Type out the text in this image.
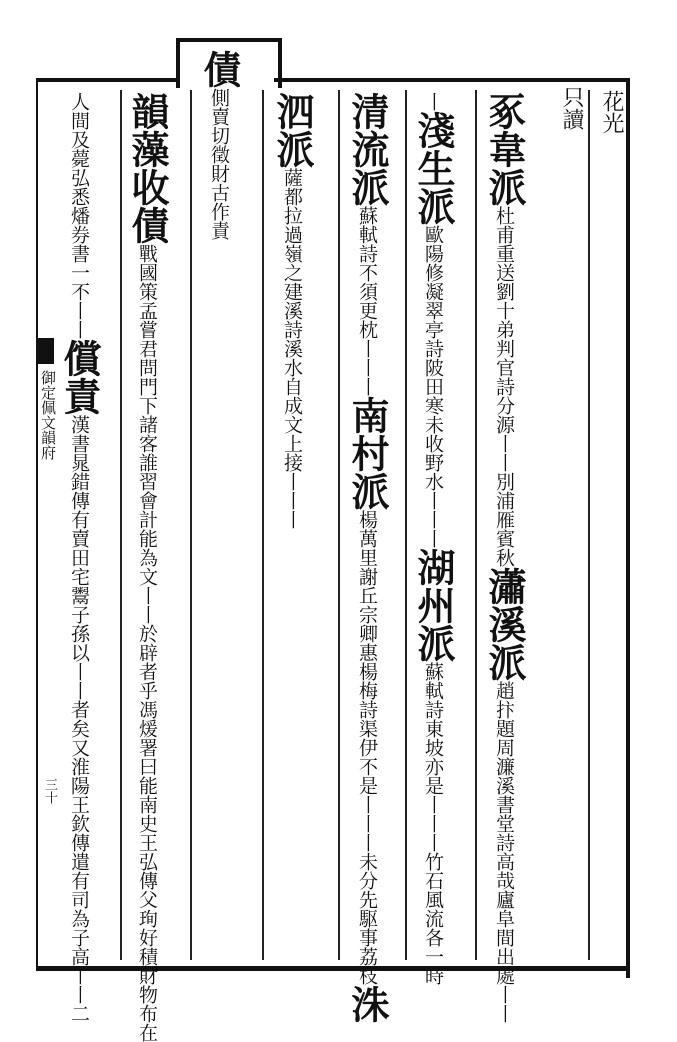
御定佩文韻府
三十
只讀 花光
豖韋派杜甫重送劉十弟判官詩分源丨丨別浦雁賓秋瀟溪派趙抃題周濂溪書堂詩高哉廬阜間出處丨丨
丨淺生派歐陽修凝翠亭詩陂田寒未收野水丨丨丨湖州派蘇軾詩東坡亦是丨丨丨竹石風流各一時
清流派蘇軾詩不須更枕丨丨丨南村派楊萬里謝丘宗卿惠楊梅詩渠伊不是丨丨丨未分先駆事荔枝洙
泗派薩都拉過嶺之建溪詩溪水自成文上接丨丨丨
債側賣切徵財古作責
韻藻收債戰國策孟嘗君問門下諸客誰習會計能為文丨丨於辟者乎馮煖署曰能南史王弘傳父珣好積財物布在
人間及薨弘悉燔券書一不丨丨償責漢書晁錯傳有賣田宅鬻子孫以丨丨者矣又淮陽王欽傳遣有司為子高丨丨二
